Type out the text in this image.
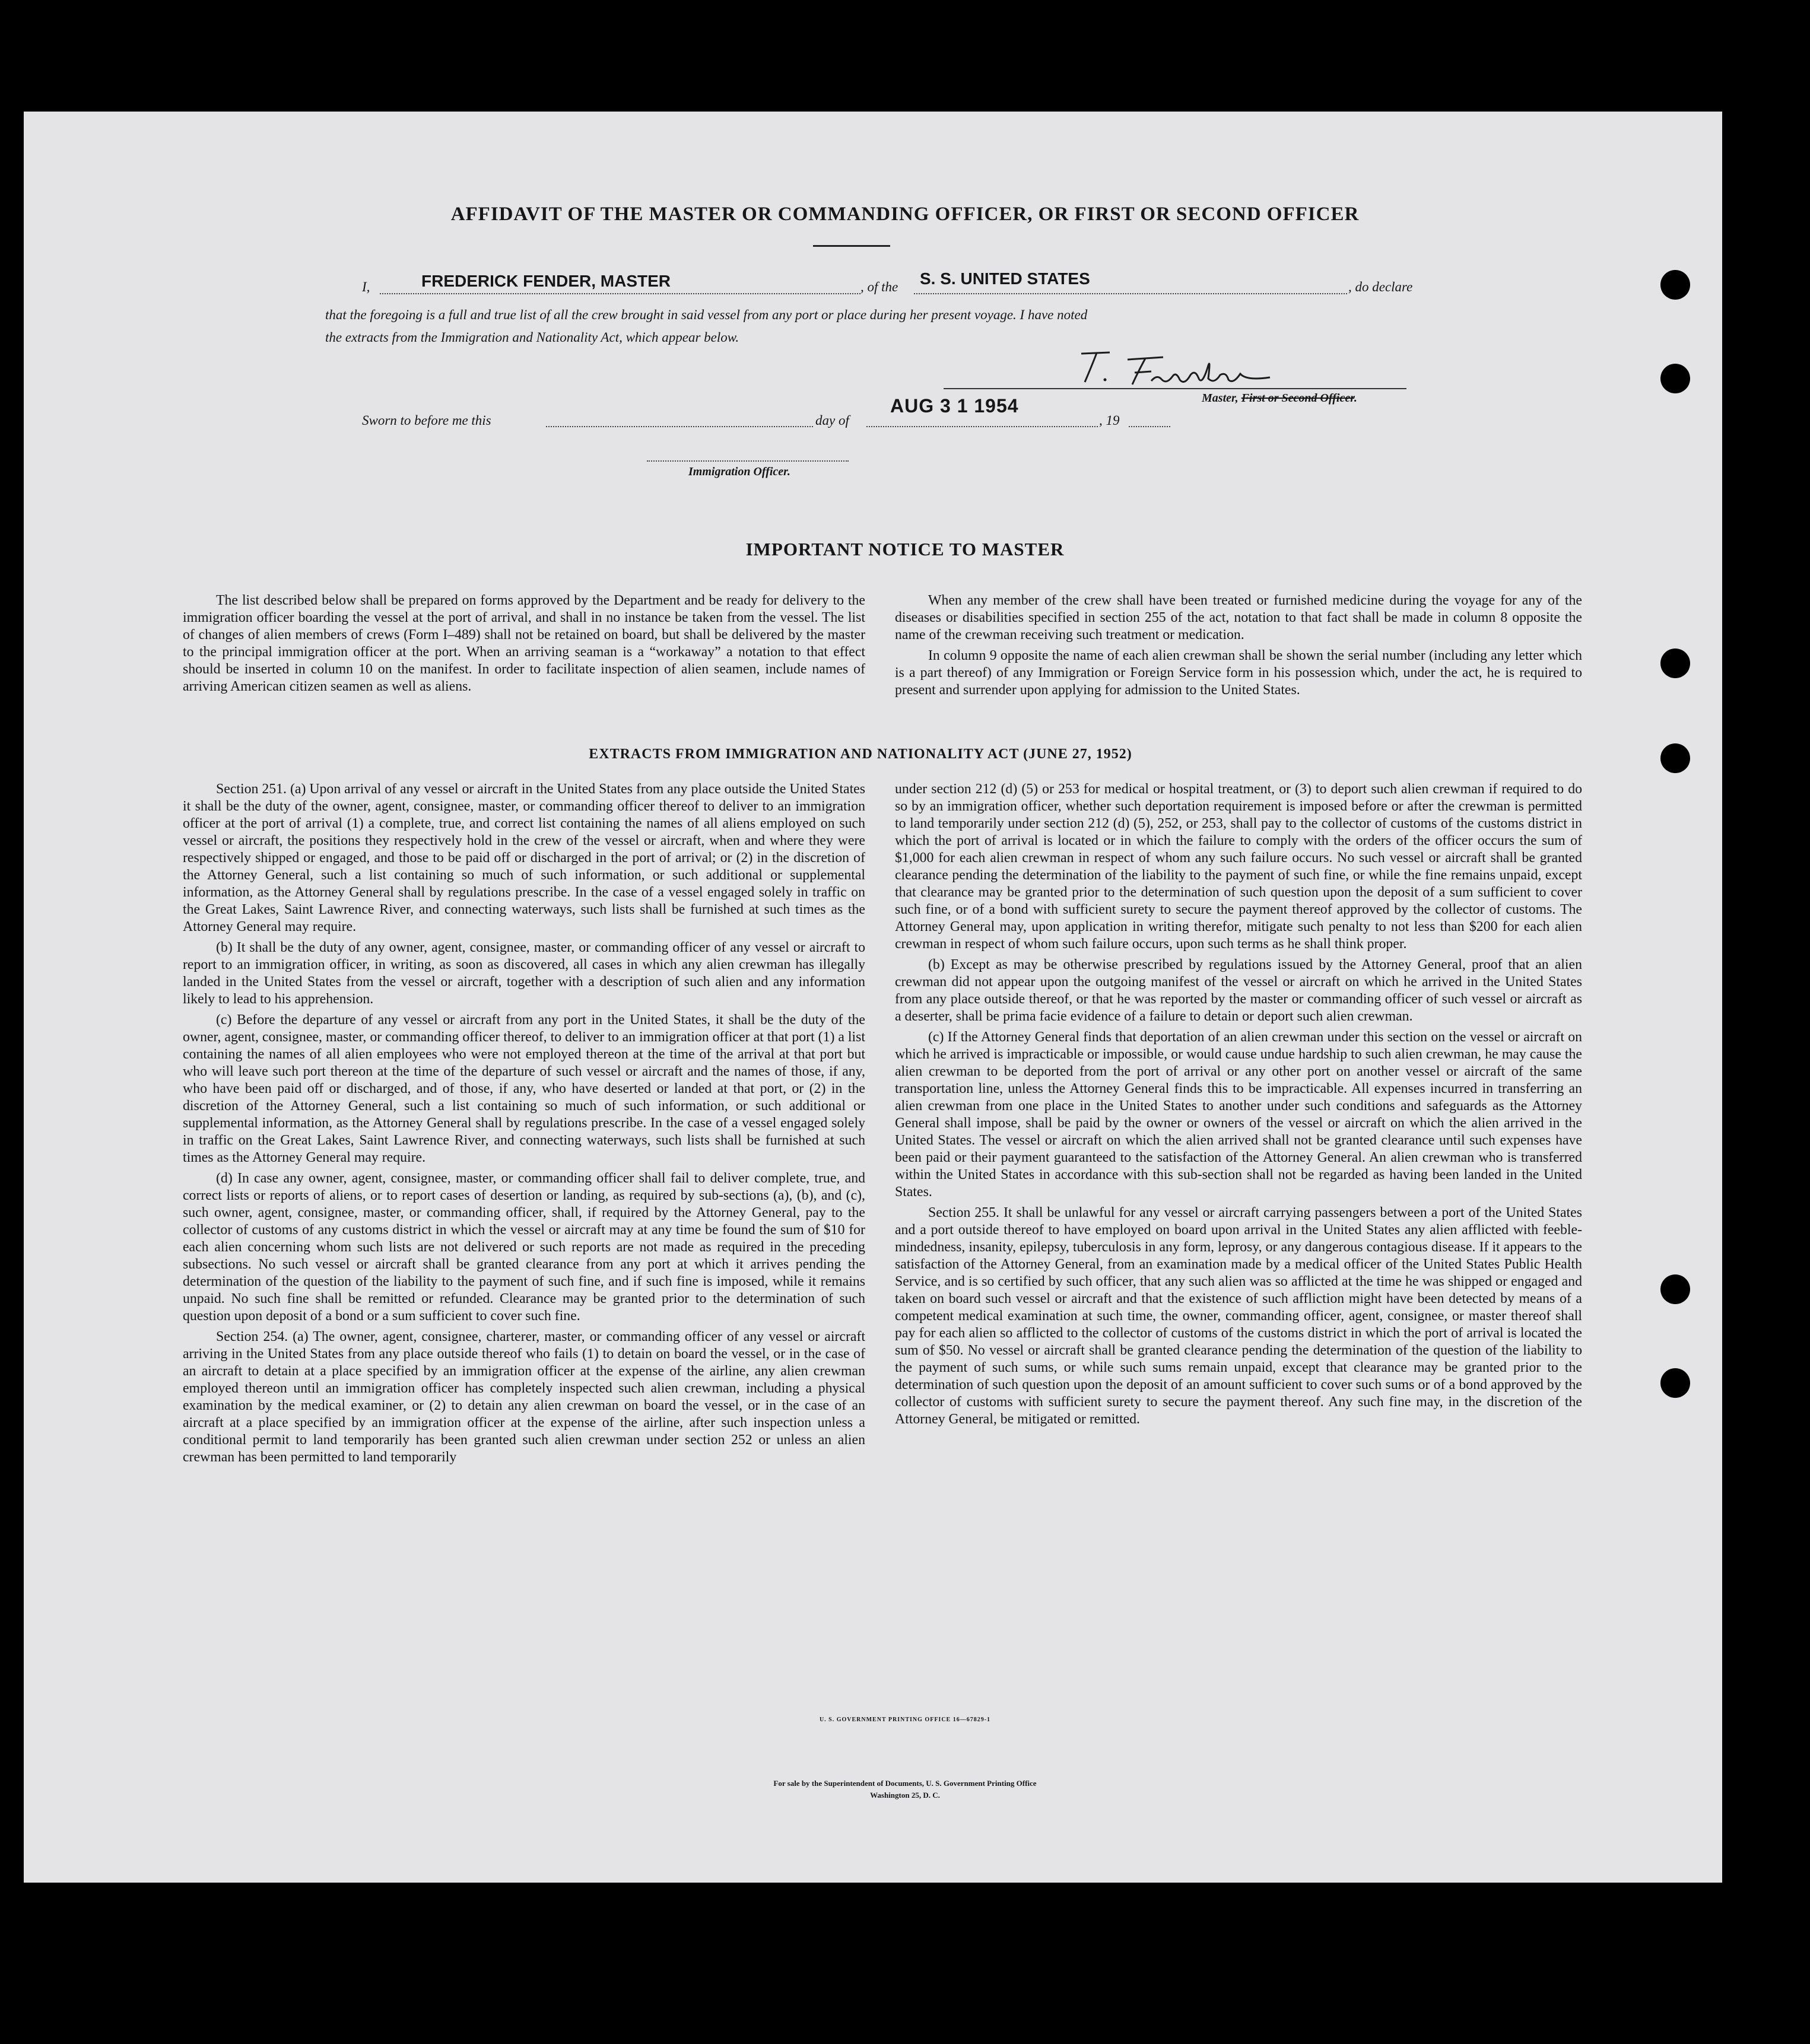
AFFIDAVIT OF THE MASTER OR COMMANDING OFFICER, OR FIRST OR SECOND OFFICER
I,	FREDERICK FENDER, MASTER	, of the S. S. UNITED STATES	, do declare
that the foregoing is a full and true list of all the crew brought in said vessel from any port or place during her present voyage. I have noted
the extracts from the Immigration and Nationality Act, which appear below.
Master, First or Second Officer.
Sworn to before me this	day of
AUG 3 1 1954
, 19
Immigration Officer.
IMPORTANT NOTICE TO MASTER

The list described below shall be prepared on forms approved by the Department and be ready for delivery to the immigration officer boarding the vessel at the port of arrival, and shall in no instance be taken from the vessel. The list of changes of alien members of crews (Form I–489) shall not be retained on board, but shall be delivered by the master to the principal immigration officer at the port. When an arriving seaman is a “workaway” a notation to that effect should be inserted in column 10 on the manifest. In order to facilitate inspection of alien seamen, include names of arriving American citizen seamen as well as aliens.

When any member of the crew shall have been treated or furnished medicine during the voyage for any of the diseases or disabilities specified in section 255 of the act, notation to that fact shall be made in column 8 opposite the name of the crewman receiving such treatment or medication.

In column 9 opposite the name of each alien crewman shall be shown the serial number (including any letter which is a part thereof) of any Immigration or Foreign Service form in his possession which, under the act, he is required to present and surrender upon applying for admission to the United States.

EXTRACTS FROM IMMIGRATION AND NATIONALITY ACT (JUNE 27, 1952)

Section 251. (a) Upon arrival of any vessel or aircraft in the United States from any place outside the United States it shall be the duty of the owner, agent, consignee, master, or commanding officer thereof to deliver to an immigration officer at the port of arrival (1) a complete, true, and correct list containing the names of all aliens employed on such vessel or aircraft, the positions they respectively hold in the crew of the vessel or aircraft, when and where they were respectively shipped or engaged, and those to be paid off or discharged in the port of arrival; or (2) in the discretion of the Attorney General, such a list containing so much of such information, or such additional or supplemental information, as the Attorney General shall by regulations prescribe. In the case of a vessel engaged solely in traffic on the Great Lakes, Saint Lawrence River, and connecting waterways, such lists shall be furnished at such times as the Attorney General may require.

(b) It shall be the duty of any owner, agent, consignee, master, or commanding officer of any vessel or aircraft to report to an immigration officer, in writing, as soon as discovered, all cases in which any alien crewman has illegally landed in the United States from the vessel or aircraft, together with a description of such alien and any information likely to lead to his apprehension.

(c) Before the departure of any vessel or aircraft from any port in the United States, it shall be the duty of the owner, agent, consignee, master, or commanding officer thereof, to deliver to an immigration officer at that port (1) a list containing the names of all alien employees who were not employed thereon at the time of the arrival at that port but who will leave such port thereon at the time of the departure of such vessel or aircraft and the names of those, if any, who have been paid off or discharged, and of those, if any, who have deserted or landed at that port, or (2) in the discretion of the Attorney General, such a list containing so much of such information, or such additional or supplemental information, as the Attorney General shall by regulations prescribe. In the case of a vessel engaged solely in traffic on the Great Lakes, Saint Lawrence River, and connecting waterways, such lists shall be furnished at such times as the Attorney General may require.

(d) In case any owner, agent, consignee, master, or commanding officer shall fail to deliver complete, true, and correct lists or reports of aliens, or to report cases of desertion or landing, as required by sub-sections (a), (b), and (c), such owner, agent, consignee, master, or commanding officer, shall, if required by the Attorney General, pay to the collector of customs of any customs district in which the vessel or aircraft may at any time be found the sum of $10 for each alien concerning whom such lists are not delivered or such reports are not made as required in the preceding subsections. No such vessel or aircraft shall be granted clearance from any port at which it arrives pending the determination of the question of the liability to the payment of such fine, and if such fine is imposed, while it remains unpaid. No such fine shall be remitted or refunded. Clearance may be granted prior to the determination of such question upon deposit of a bond or a sum sufficient to cover such fine.

Section 254. (a) The owner, agent, consignee, charterer, master, or commanding officer of any vessel or aircraft arriving in the United States from any place outside thereof who fails (1) to detain on board the vessel, or in the case of an aircraft to detain at a place specified by an immigration officer at the expense of the airline, any alien crewman employed thereon until an immigration officer has completely inspected such alien crewman, including a physical examination by the medical examiner, or (2) to detain any alien crewman on board the vessel, or in the case of an aircraft at a place specified by an immigration officer at the expense of the airline, after such inspection unless a conditional permit to land temporarily has been granted such alien crewman under section 252 or unless an alien crewman has been permitted to land temporarily

under section 212 (d) (5) or 253 for medical or hospital treatment, or (3) to deport such alien crewman if required to do so by an immigration officer, whether such deportation requirement is imposed before or after the crewman is permitted to land temporarily under section 212 (d) (5), 252, or 253, shall pay to the collector of customs of the customs district in which the port of arrival is located or in which the failure to comply with the orders of the officer occurs the sum of $1,000 for each alien crewman in respect of whom any such failure occurs. No such vessel or aircraft shall be granted clearance pending the determination of the liability to the payment of such fine, or while the fine remains unpaid, except that clearance may be granted prior to the determination of such question upon the deposit of a sum sufficient to cover such fine, or of a bond with sufficient surety to secure the payment thereof approved by the collector of customs. The Attorney General may, upon application in writing therefor, mitigate such penalty to not less than $200 for each alien crewman in respect of whom such failure occurs, upon such terms as he shall think proper.

(b) Except as may be otherwise prescribed by regulations issued by the Attorney General, proof that an alien crewman did not appear upon the outgoing manifest of the vessel or aircraft on which he arrived in the United States from any place outside thereof, or that he was reported by the master or commanding officer of such vessel or aircraft as a deserter, shall be prima facie evidence of a failure to detain or deport such alien crewman.

(c) If the Attorney General finds that deportation of an alien crewman under this section on the vessel or aircraft on which he arrived is impracticable or impossible, or would cause undue hardship to such alien crewman, he may cause the alien crewman to be deported from the port of arrival or any other port on another vessel or aircraft of the same transportation line, unless the Attorney General finds this to be impracticable. All expenses incurred in transferring an alien crewman from one place in the United States to another under such conditions and safeguards as the Attorney General shall impose, shall be paid by the owner or owners of the vessel or aircraft on which the alien arrived in the United States. The vessel or aircraft on which the alien arrived shall not be granted clearance until such expenses have been paid or their payment guaranteed to the satisfaction of the Attorney General. An alien crewman who is transferred within the United States in accordance with this sub-section shall not be regarded as having been landed in the United States.

Section 255. It shall be unlawful for any vessel or aircraft carrying passengers between a port of the United States and a port outside thereof to have employed on board upon arrival in the United States any alien afflicted with feeble-mindedness, insanity, epilepsy, tuberculosis in any form, leprosy, or any dangerous contagious disease. If it appears to the satisfaction of the Attorney General, from an examination made by a medical officer of the United States Public Health Service, and is so certified by such officer, that any such alien was so afflicted at the time he was shipped or engaged and taken on board such vessel or aircraft and that the existence of such affliction might have been detected by means of a competent medical examination at such time, the owner, commanding officer, agent, consignee, or master thereof shall pay for each alien so afflicted to the collector of customs of the customs district in which the port of arrival is located the sum of $50. No vessel or aircraft shall be granted clearance pending the determination of the question of the liability to the payment of such sums, or while such sums remain unpaid, except that clearance may be granted prior to the determination of such question upon the deposit of an amount sufficient to cover such sums or of a bond approved by the collector of customs with sufficient surety to secure the payment thereof. Any such fine may, in the discretion of the Attorney General, be mitigated or remitted.

U. S. GOVERNMENT PRINTING OFFICE 16—67829-1
For sale by the Superintendent of Documents, U. S. Government Printing Office
Washington 25, D. C.
